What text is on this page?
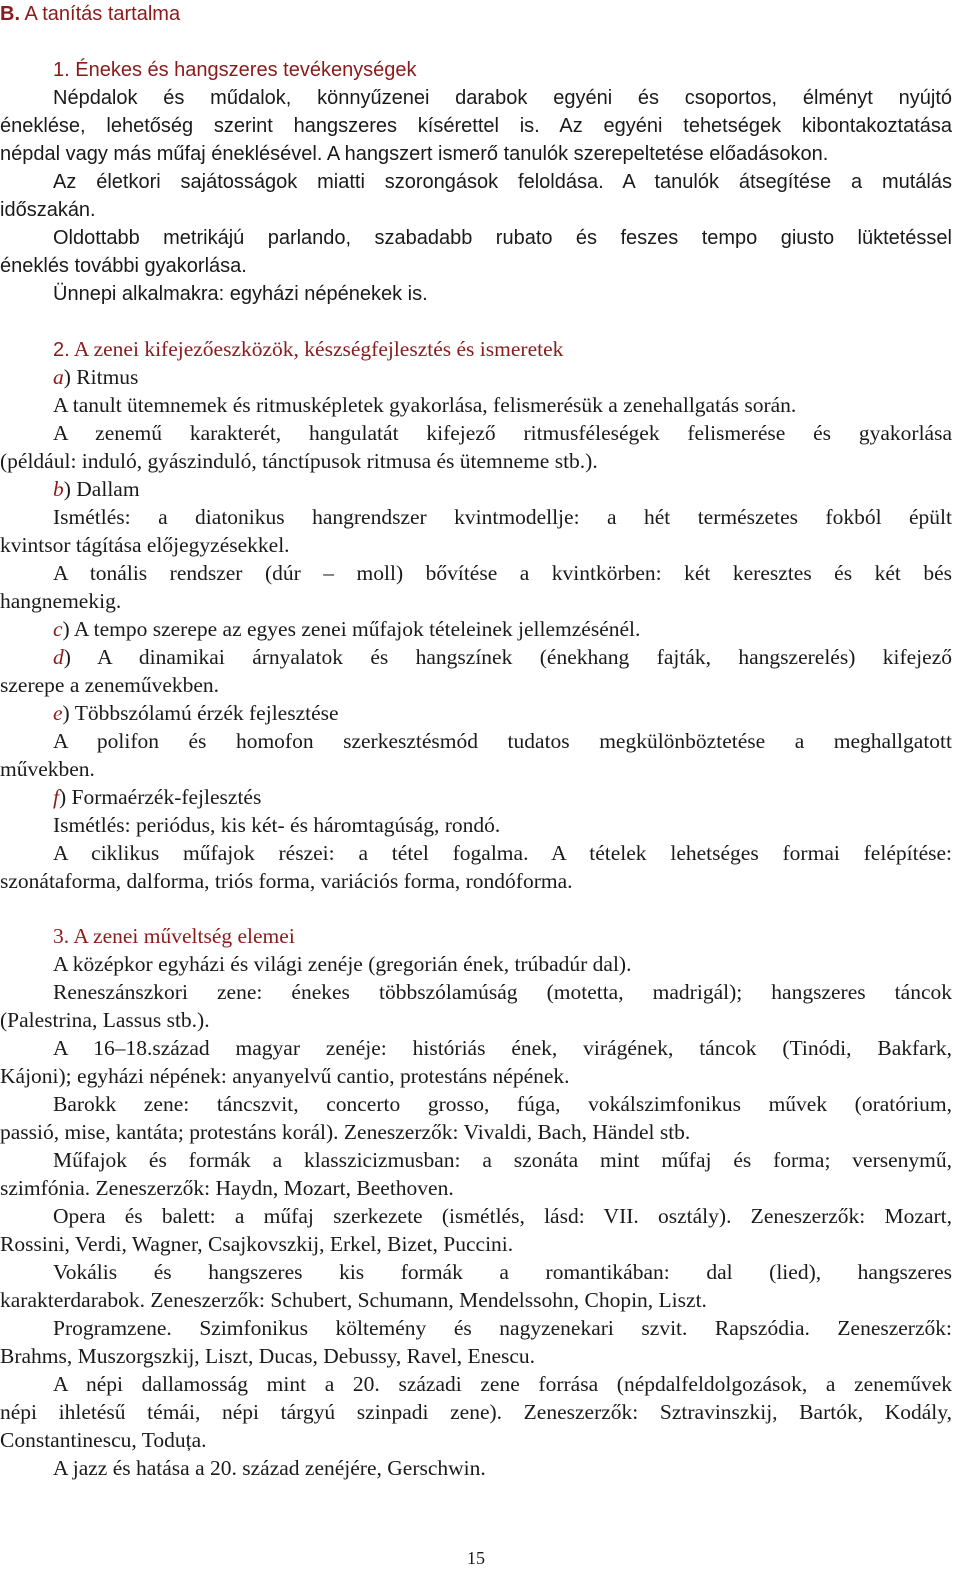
B. A tanítás tartalma
1. Énekes és hangszeres tevékenységek
Népdalok és műdalok, könnyűzenei darabok egyéni és csoportos, élményt nyújtó
éneklése, lehetőség szerint hangszeres kísérettel is. Az egyéni tehetségek kibontakoztatása
népdal vagy más műfaj éneklésével. A hangszert ismerő tanulók szerepeltetése előadásokon.
Az életkori sajátosságok miatti szorongások feloldása. A tanulók átsegítése a mutálás
időszakán.
Oldottabb metrikájú parlando, szabadabb rubato és feszes tempo giusto lüktetéssel
éneklés további gyakorlása.
Ünnepi alkalmakra: egyházi népénekek is.
2. A zenei kifejezőeszközök, készségfejlesztés és ismeretek
a) Ritmus
A tanult ütemnemek és ritmusképletek gyakorlása, felismerésük a zenehallgatás során.
A zenemű karakterét, hangulatát kifejező ritmusféleségek felismerése és gyakorlása
(például: induló, gyászinduló, tánctípusok ritmusa és ütemneme stb.).
b) Dallam
Ismétlés: a diatonikus hangrendszer kvintmodellje: a hét természetes fokból épült
kvintsor tágítása előjegyzésekkel.
A tonális rendszer (dúr – moll) bővítése a kvintkörben: két keresztes és két bés
hangnemekig.
c) A tempo szerepe az egyes zenei műfajok tételeinek jellemzésénél.
d) A dinamikai árnyalatok és hangszínek (énekhang fajták, hangszerelés) kifejező
szerepe a zeneművekben.
e) Többszólamú érzék fejlesztése
A polifon és homofon szerkesztésmód tudatos megkülönböztetése a meghallgatott
művekben.
f) Formaérzék-fejlesztés
Ismétlés: periódus, kis két- és háromtagúság, rondó.
A ciklikus műfajok részei: a tétel fogalma. A tételek lehetséges formai felépítése:
szonátaforma, dalforma, triós forma, variációs forma, rondóforma.
3. A zenei műveltség elemei
A középkor egyházi és világi zenéje (gregorián ének, trúbadúr dal).
Reneszánszkori zene: énekes többszólamúság (motetta, madrigál); hangszeres táncok
(Palestrina, Lassus stb.).
A 16–18.század magyar zenéje: históriás ének, virágének, táncok (Tinódi, Bakfark,
Kájoni); egyházi népének: anyanyelvű cantio, protestáns népének.
Barokk zene: táncszvit, concerto grosso, fúga, vokálszimfonikus művek (oratórium,
passió, mise, kantáta; protestáns korál). Zeneszerzők: Vivaldi, Bach, Händel stb.
Műfajok és formák a klasszicizmusban: a szonáta mint műfaj és forma; versenymű,
szimfónia. Zeneszerzők: Haydn, Mozart, Beethoven.
Opera és balett: a műfaj szerkezete (ismétlés, lásd: VII. osztály). Zeneszerzők: Mozart,
Rossini, Verdi, Wagner, Csajkovszkij, Erkel, Bizet, Puccini.
Vokális és hangszeres kis formák a romantikában: dal (lied), hangszeres
karakterdarabok. Zeneszerzők: Schubert, Schumann, Mendelssohn, Chopin, Liszt.
Programzene. Szimfonikus költemény és nagyzenekari szvit. Rapszódia. Zeneszerzők:
Brahms, Muszorgszkij, Liszt, Ducas, Debussy, Ravel, Enescu.
A népi dallamosság mint a 20. századi zene forrása (népdalfeldolgozások, a zeneművek
népi ihletésű témái, népi tárgyú szinpadi zene). Zeneszerzők: Sztravinszkij, Bartók, Kodály,
Constantinescu, Toduța.
A jazz és hatása a 20. század zenéjére, Gerschwin.
15
